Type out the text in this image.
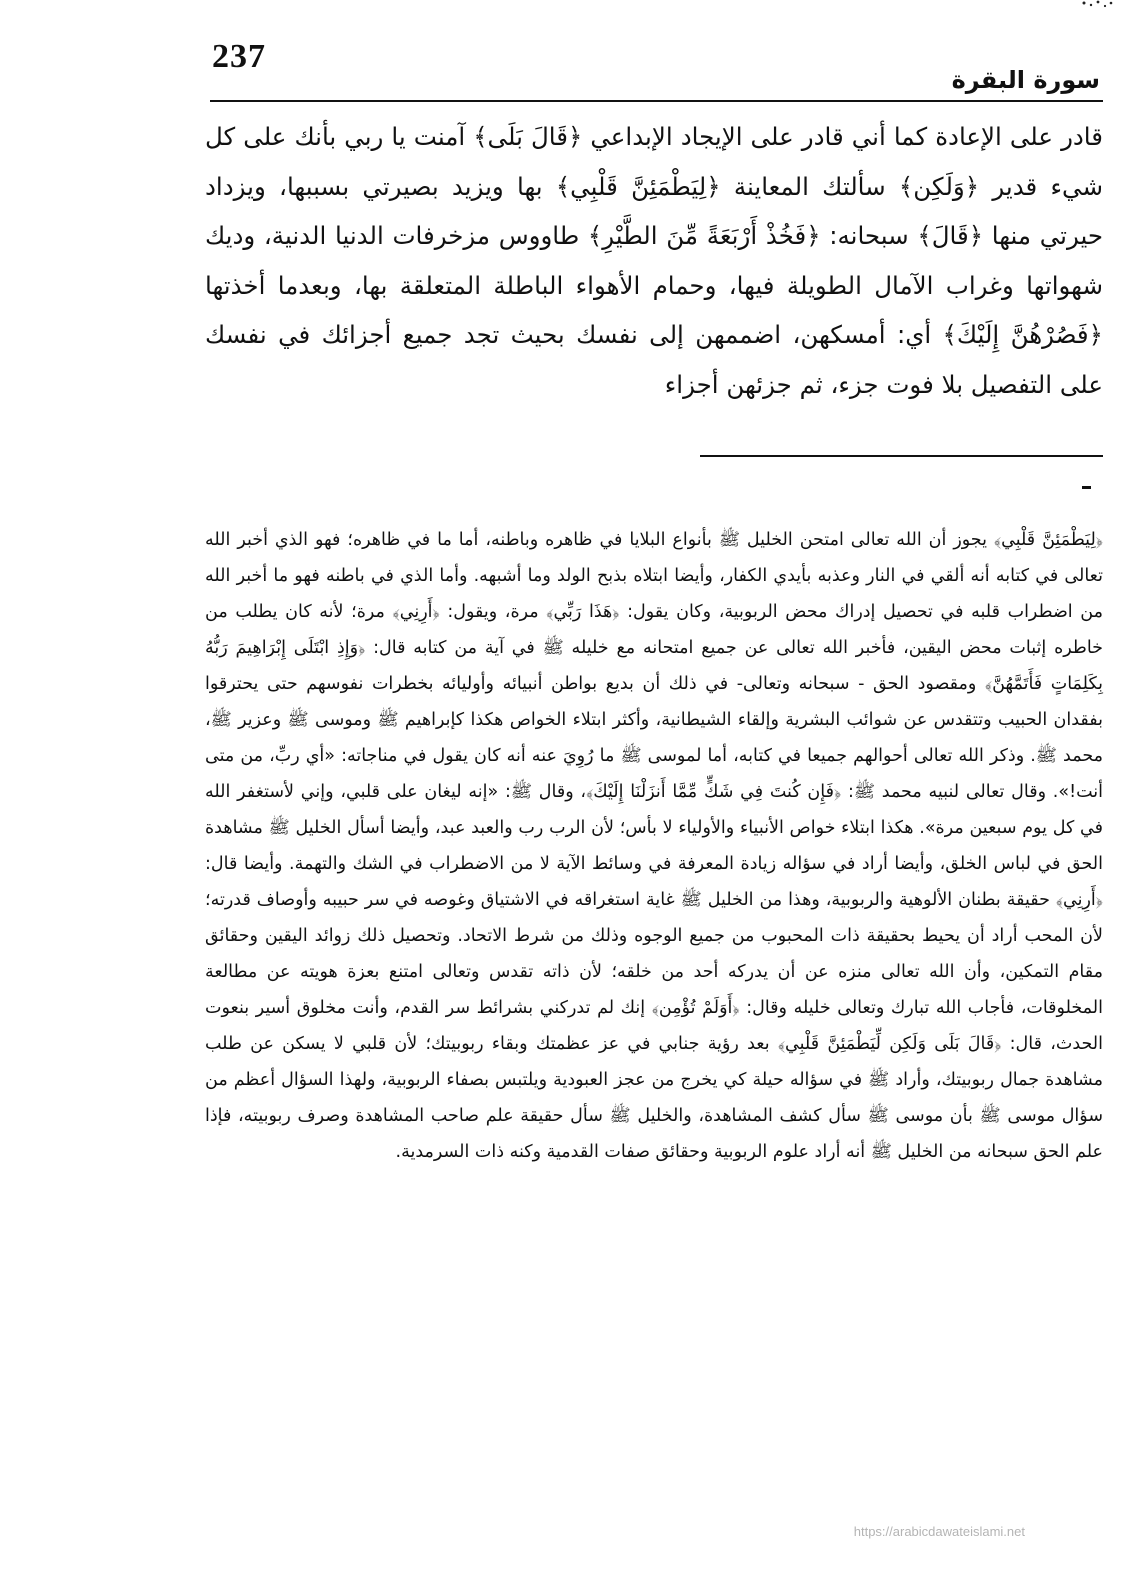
237
سورة البقرة

قادر على الإعادة كما أني قادر على الإيجاد الإبداعي ﴿قَالَ بَلَى﴾ آمنت يا ربي بأنك على كل شيء قدير ﴿وَلَكِن﴾ سألتك المعاينة ﴿لِيَطْمَئِنَّ قَلْبِي﴾ بها ويزيد بصيرتي بسببها، ويزداد حيرتي منها ﴿قَالَ﴾ سبحانه: ﴿فَخُذْ أَرْبَعَةً مِّنَ الطَّيْرِ﴾ طاووس مزخرفات الدنيا الدنية، وديك شهواتها وغراب الآمال الطويلة فيها، وحمام الأهواء الباطلة المتعلقة بها، وبعدما أخذتها ﴿فَصُرْهُنَّ إِلَيْكَ﴾ أي: أمسكهن، اضممهن إلى نفسك بحيث تجد جميع أجزائك في نفسك على التفصيل بلا فوت جزء، ثم جزئهن أجزاء

﴿لِيَطْمَئِنَّ قَلْبِي﴾ يجوز أن الله تعالى امتحن الخليل ﷺ بأنواع البلايا في ظاهره وباطنه، أما ما في ظاهره؛ فهو الذي أخبر الله تعالى في كتابه أنه ألقي في النار وعذبه بأيدي الكفار، وأيضا ابتلاه بذبح الولد وما أشبهه. وأما الذي في باطنه فهو ما أخبر الله من اضطراب قلبه في تحصيل إدراك محض الربوبية، وكان يقول: ﴿هَذَا رَبِّي﴾ مرة، ويقول: ﴿أَرِنِي﴾ مرة؛ لأنه كان يطلب من خاطره إثبات محض اليقين، فأخبر الله تعالى عن جميع امتحانه مع خليله ﷺ في آية من كتابه قال: ﴿وَإِذِ ابْتَلَى إِبْرَاهِيمَ رَبُّهُ بِكَلِمَاتٍ فَأَتَمَّهُنَّ﴾ ومقصود الحق - سبحانه وتعالى- في ذلك أن بديع بواطن أنبيائه وأوليائه بخطرات نفوسهم حتى يحترقوا بفقدان الحبيب وتتقدس عن شوائب البشرية وإلقاء الشيطانية، وأكثر ابتلاء الخواص هكذا كإبراهيم ﷺ وموسى ﷺ وعزير ﷺ، محمد ﷺ. وذكر الله تعالى أحوالهم جميعا في كتابه، أما لموسى ﷺ ما رُوِيَ عنه أنه كان يقول في مناجاته: «أي ربِّ، من متى أنت!». وقال تعالى لنبيه محمد ﷺ: ﴿فَإِن كُنتَ فِي شَكٍّ مِّمَّا أَنزَلْنَا إِلَيْكَ﴾، وقال ﷺ: «إنه ليغان على قلبي، وإني لأستغفر الله في كل يوم سبعين مرة». هكذا ابتلاء خواص الأنبياء والأولياء لا بأس؛ لأن الرب رب والعبد عبد، وأيضا أسأل الخليل ﷺ مشاهدة الحق في لباس الخلق، وأيضا أراد في سؤاله زيادة المعرفة في وسائط الآية لا من الاضطراب في الشك والتهمة. وأيضا قال: ﴿أَرِنِي﴾ حقيقة بطنان الألوهية والربوبية، وهذا من الخليل ﷺ غاية استغراقه في الاشتياق وغوصه في سر حبيبه وأوصاف قدرته؛ لأن المحب أراد أن يحيط بحقيقة ذات المحبوب من جميع الوجوه وذلك من شرط الاتحاد. وتحصيل ذلك زوائد اليقين وحقائق مقام التمكين، وأن الله تعالى منزه عن أن يدركه أحد من خلقه؛ لأن ذاته تقدس وتعالى امتنع بعزة هويته عن مطالعة المخلوقات، فأجاب الله تبارك وتعالى خليله وقال: ﴿أَوَلَمْ تُؤْمِن﴾ إنك لم تدركني بشرائط سر القدم، وأنت مخلوق أسير بنعوت الحدث، قال: ﴿قَالَ بَلَى وَلَكِن لِّيَطْمَئِنَّ قَلْبِي﴾ بعد رؤية جنابي في عز عظمتك وبقاء ربوبيتك؛ لأن قلبي لا يسكن عن طلب مشاهدة جمال ربوبيتك، وأراد ﷺ في سؤاله حيلة كي يخرج من عجز العبودية ويلتبس بصفاء الربوبية، ولهذا السؤال أعظم من سؤال موسى ﷺ بأن موسى ﷺ سأل كشف المشاهدة، والخليل ﷺ سأل حقيقة علم صاحب المشاهدة وصرف ربوبيته، فإذا علم الحق سبحانه من الخليل ﷺ أنه أراد علوم الربوبية وحقائق صفات القدمية وكنه ذات السرمدية.

https://arabicdawateislami.net
